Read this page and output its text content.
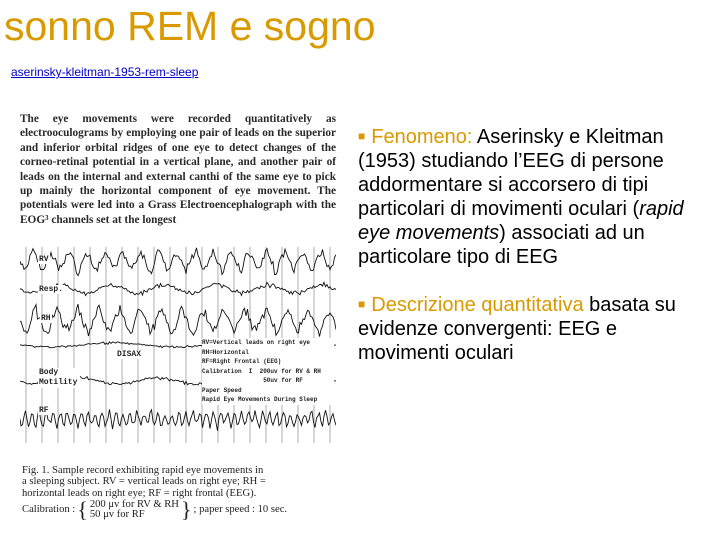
sonno REM e sogno
aserinsky-kleitman-1953-rem-sleep
The eye movements were recorded quantitatively as electrooculograms by employing one pair of leads on the superior and inferior orbital ridges of one eye to detect changes of the corneo-retinal potential in a vertical plane, and another pair of leads on the internal and external canthi of the same eye to pick up mainly the horizontal component of eye movement. The potentials were led into a Grass Electroencephalograph with the EOG³ channels set at the longest
RV
Resp.
RH
DISAX
Body Motility
RF
RV=Vertical leads on right eye
RH=Horizontal
RF=Right Frontal (EEG)
Calibration  I  200uv for RV & RH
50uv for RF
Paper Speed
Rapid Eye Movements During Sleep
Fig. 1. Sample record exhibiting rapid eye movements in
a sleeping subject. RV = vertical leads on right eye; RH =
horizontal leads on right eye; RF = right frontal (EEG).
Calibration : { 200 μv for RV & RH
50 μv for RF	} ; paper speed : 10 sec.
■ Fenomeno: Aserinsky e Kleitman (1953) studiando l’EEG di persone addormentare si accorsero di tipi particolari di movimenti oculari (rapid eye movements) associati ad un particolare tipo di EEG
■ Descrizione quantitativa basata su evidenze convergenti: EEG e movimenti oculari
